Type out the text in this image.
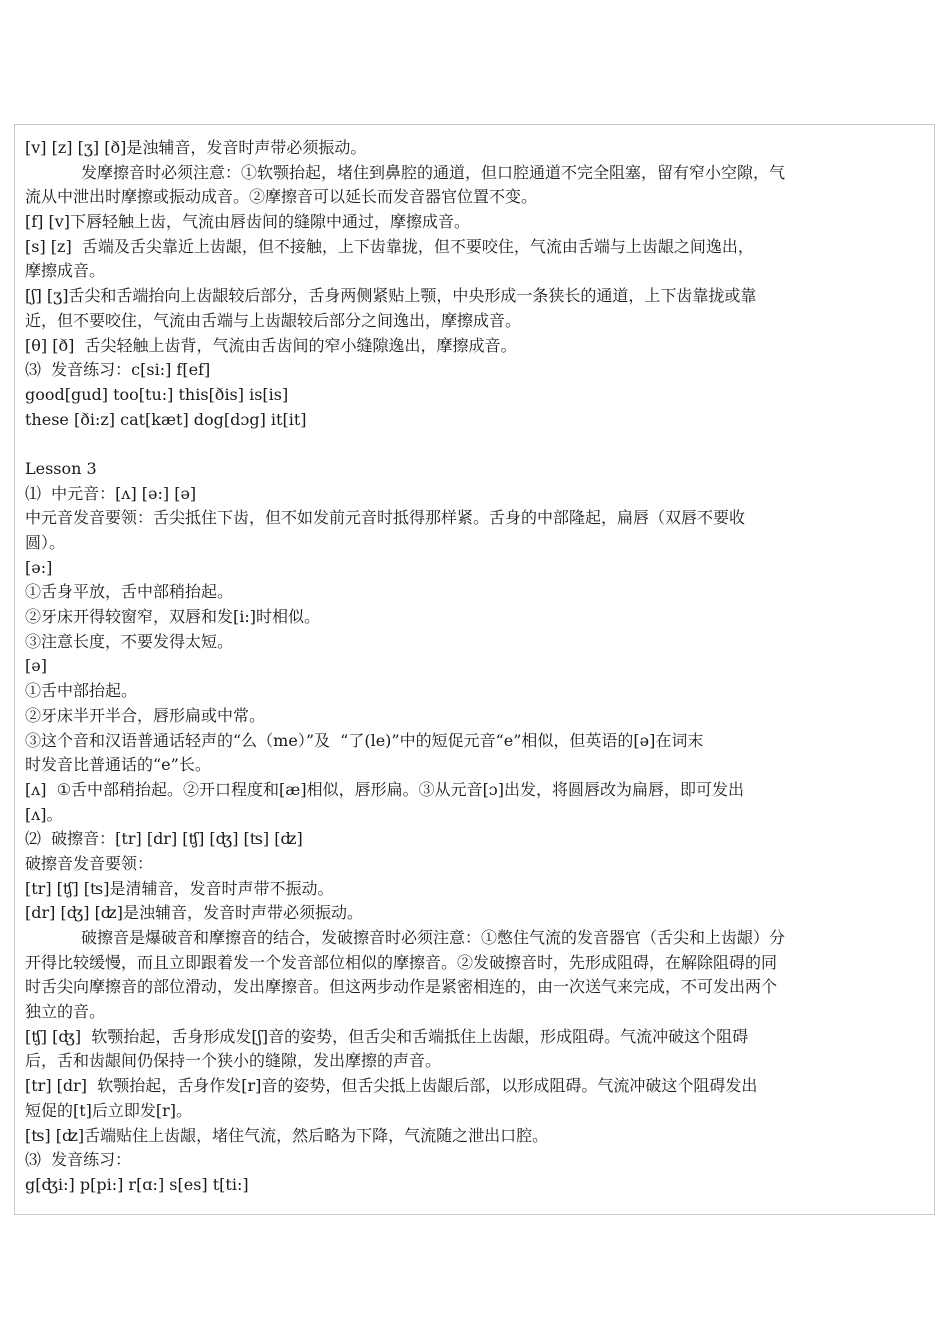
[v] [z] [ʒ] [ð]是浊辅音，发音时声带必须振动。
发摩擦音时必须注意：①软颚抬起，堵住到鼻腔的通道，但口腔通道不完全阻塞，留有窄小空隙，气
流从中泄出时摩擦或振动成音。②摩擦音可以延长而发音器官位置不变。
[f] [v]下唇轻触上齿，气流由唇齿间的缝隙中通过，摩擦成音。
[s] [z]  舌端及舌尖靠近上齿龈，但不接触，上下齿靠拢，但不要咬住，气流由舌端与上齿龈之间逸出，
摩擦成音。
[ʃ] [ʒ]舌尖和舌端抬向上齿龈较后部分，舌身两侧紧贴上颚，中央形成一条狭长的通道，上下齿靠拢或靠
近，但不要咬住，气流由舌端与上齿龈较后部分之间逸出，摩擦成音。
[θ] [ð]  舌尖轻触上齿背，气流由舌齿间的窄小缝隙逸出，摩擦成音。
⑶  发音练习：c[si:] f[ef]
good[gud] too[tu:] this[ðis] is[is]
these [ði:z] cat[kæt] dog[dɔg] it[it]
Lesson 3
⑴  中元音：[ʌ] [ə:] [ə]
中元音发音要领：舌尖抵住下齿，但不如发前元音时抵得那样紧。舌身的中部隆起，扁唇（双唇不要收
圆）。
[ə:]
①舌身平放，舌中部稍抬起。
②牙床开得较窗窄，双唇和发[i:]时相似。
③注意长度，不要发得太短。
[ə]
①舌中部抬起。
②牙床半开半合，唇形扁或中常。
③这个音和汉语普通话轻声的“么（me）”及  “了(le)”中的短促元音“e”相似，但英语的[ə]在词末
时发音比普通话的“e”长。
[ʌ]  ①舌中部稍抬起。②开口程度和[æ]相似，唇形扁。③从元音[ɔ]出发，将圆唇改为扁唇，即可发出
[ʌ]。
⑵  破擦音：[tr] [dr] [ʧ] [ʤ] [ʦ] [ʣ]
破擦音发音要领：
[tr] [ʧ] [ʦ]是清辅音，发音时声带不振动。
[dr] [ʤ] [ʣ]是浊辅音，发音时声带必须振动。
破擦音是爆破音和摩擦音的结合，发破擦音时必须注意：①憋住气流的发音器官（舌尖和上齿龈）分
开得比较缓慢，而且立即跟着发一个发音部位相似的摩擦音。②发破擦音时，先形成阻碍，在解除阻碍的同
时舌尖向摩擦音的部位滑动，发出摩擦音。但这两步动作是紧密相连的，由一次送气来完成，不可发出两个
独立的音。
[ʧ] [ʤ]  软颚抬起，舌身形成发[ʃ]音的姿势，但舌尖和舌端抵住上齿龈，形成阻碍。气流冲破这个阻碍
后，舌和齿龈间仍保持一个狭小的缝隙，发出摩擦的声音。
[tr] [dr]  软颚抬起，舌身作发[r]音的姿势，但舌尖抵上齿龈后部，以形成阻碍。气流冲破这个阻碍发出
短促的[t]后立即发[r]。
[ʦ] [ʣ]舌端贴住上齿龈，堵住气流，然后略为下降，气流随之泄出口腔。
⑶  发音练习：
g[ʤi:] p[pi:] r[ɑ:] s[es] t[ti:]
